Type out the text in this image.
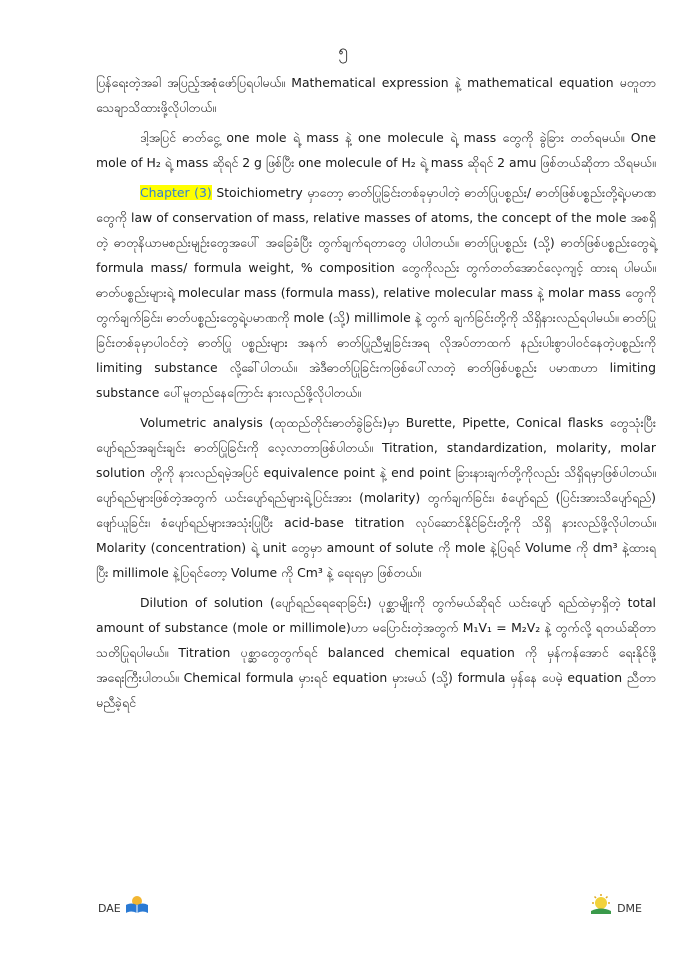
၅

ပြန်ရေးတဲ့အခါ အပြည့်အစုံဖော်ပြရပါမယ်။ Mathematical expression နဲ့ mathematical equation မတူတာ သေချာသိထားဖို့လိုပါတယ်။

ဒါ့အပြင် ဓာတ်ငွေ့ one mole ရဲ့ mass နဲ့ one molecule ရဲ့ mass တွေကို ခွဲခြား တတ်ရမယ်။ One mole of H₂ ရဲ့ mass ဆိုရင် 2 g ဖြစ်ပြီး one molecule of H₂ ရဲ့ mass ဆိုရင် 2 amu ဖြစ်တယ်ဆိုတာ သိရမယ်။

Chapter (3) Stoichiometry မှာတော့ ဓာတ်ပြုခြင်းတစ်ခုမှာပါတဲ့ ဓာတ်ပြုပစ္စည်း/ ဓာတ်ဖြစ်ပစ္စည်းတို့ရဲ့ပမာဏတွေကို law of conservation of mass, relative masses of atoms, the concept of the mole အစရှိတဲ့ ဓာတုနိယာမစည်းမျဉ်းတွေအပေါ် အခြေခံပြီး တွက်ချက်ရတာတွေ ပါပါတယ်။ ဓာတ်ပြုပစ္စည်း (သို့) ဓာတ်ဖြစ်ပစ္စည်းတွေရဲ့ formula mass/ formula weight, % composition တွေကိုလည်း တွက်တတ်အောင်လေ့ကျင့် ထားရ ပါမယ်။ ဓာတ်ပစ္စည်းများရဲ့ molecular mass (formula mass), relative molecular mass နဲ့ molar mass တွေကို တွက်ချက်ခြင်း၊ ဓာတ်ပစ္စည်းတွေရဲ့ပမာဏကို mole (သို့) millimole နဲ့ တွက် ချက်ခြင်းတို့ကို သိရှိနားလည်ရပါမယ်။ ဓာတ်ပြုခြင်းတစ်ခုမှာပါဝင်တဲ့ ဓာတ်ပြု ပစ္စည်းများ အနက် ဓာတ်ပြုညီမျှခြင်းအရ လိုအပ်တာထက် နည်းပါးစွာပါဝင်နေတဲ့ပစ္စည်းကို limiting substance လို့ခေါ်ပါတယ်။ အဲဒီဓာတ်ပြုခြင်းကဖြစ်ပေါ်လာတဲ့ ဓာတ်ဖြစ်ပစ္စည်း ပမာဏဟာ limiting substance ပေါ်မူတည်နေကြောင်း နားလည်ဖို့လိုပါတယ်။

Volumetric analysis (ထုထည်တိုင်းဓာတ်ခွဲခြင်း)မှာ Burette, Pipette, Conical flasks တွေသုံးပြီး ပျော်ရည်အချင်းချင်း ဓာတ်ပြုခြင်းကို လေ့လာတာဖြစ်ပါတယ်။ Titration, standardization, molarity, molar solution တို့ကို နားလည်ရမဲ့အပြင် equivalence point နဲ့ end point ခြားနားချက်တို့ကိုလည်း သိရှိရမှာဖြစ်ပါတယ်။ ပျော်ရည်များဖြစ်တဲ့အတွက် ယင်းပျော်ရည်များရဲ့ပြင်းအား (molarity) တွက်ချက်ခြင်း၊ စံပျော်ရည် (ပြင်းအားသိပျော်ရည်) ဖျော်ယူခြင်း၊ စံပျော်ရည်များအသုံးပြုပြီး acid-base titration လုပ်ဆောင်နိုင်ခြင်းတို့ကို သိရှိ နားလည်ဖို့လိုပါတယ်။ Molarity (concentration) ရဲ့ unit တွေမှာ amount of solute ကို mole နဲ့ပြရင် Volume ကို dm³ နဲ့ထားရပြီး millimole နဲ့ပြရင်တော့ Volume ကို Cm³ နဲ့ ရေးရမှာ ဖြစ်တယ်။

Dilution of solution (ပျော်ရည်ရေရောခြင်း) ပုစ္ဆာမျိုးကို တွက်မယ်ဆိုရင် ယင်းပျော် ရည်ထဲမှာရှိတဲ့ total amount of substance (mole or millimole)ဟာ မပြောင်းတဲ့အတွက် M₁V₁ = M₂V₂ နဲ့ တွက်လို့ ရတယ်ဆိုတာ သတိပြုရပါမယ်။ Titration ပုစ္ဆာတွေတွက်ရင် balanced chemical equation ကို မှန်ကန်အောင် ရေးနိုင်ဖို့ အရေးကြီးပါတယ်။ Chemical formula မှားရင် equation မှားမယ် (သို့) formula မှန်နေ ပေမဲ့ equation ညီတာ မညီခဲ့ရင်

DAE	DME
